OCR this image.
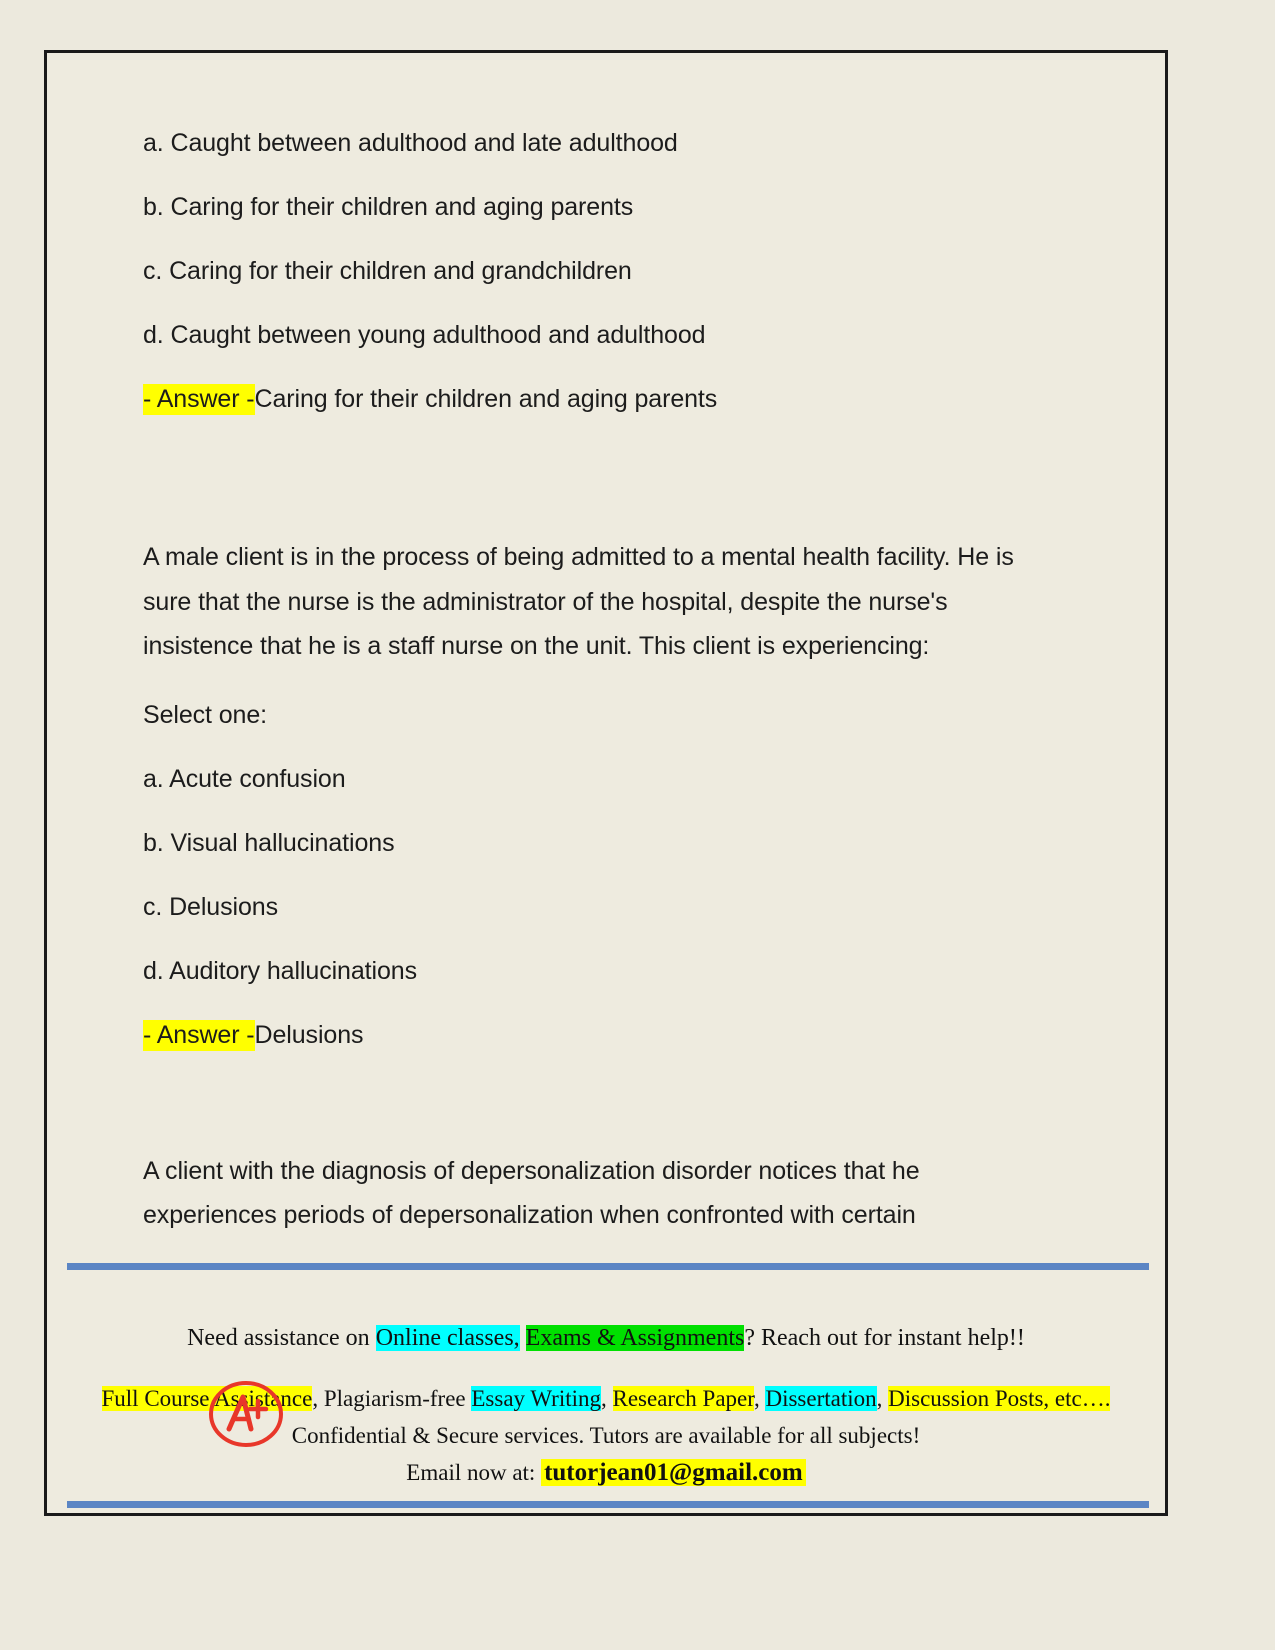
a. Caught between adulthood and late adulthood

b. Caring for their children and aging parents

c. Caring for their children and grandchildren

d. Caught between young adulthood and adulthood

- Answer -Caring for their children and aging parents

A male client is in the process of being admitted to a mental health facility. He is sure that the nurse is the administrator of the hospital, despite the nurse's insistence that he is a staff nurse on the unit. This client is experiencing:

Select one:

a. Acute confusion

b. Visual hallucinations

c. Delusions

d. Auditory hallucinations

- Answer -Delusions

A client with the diagnosis of depersonalization disorder notices that he experiences periods of depersonalization when confronted with certain

Need assistance on Online classes, Exams & Assignments? Reach out for instant help!!
Full Course Assistance, Plagiarism-free Essay Writing, Research Paper, Dissertation, Discussion Posts, etc….
Confidential & Secure services. Tutors are available for all subjects!
Email now at: tutorjean01@gmail.com
